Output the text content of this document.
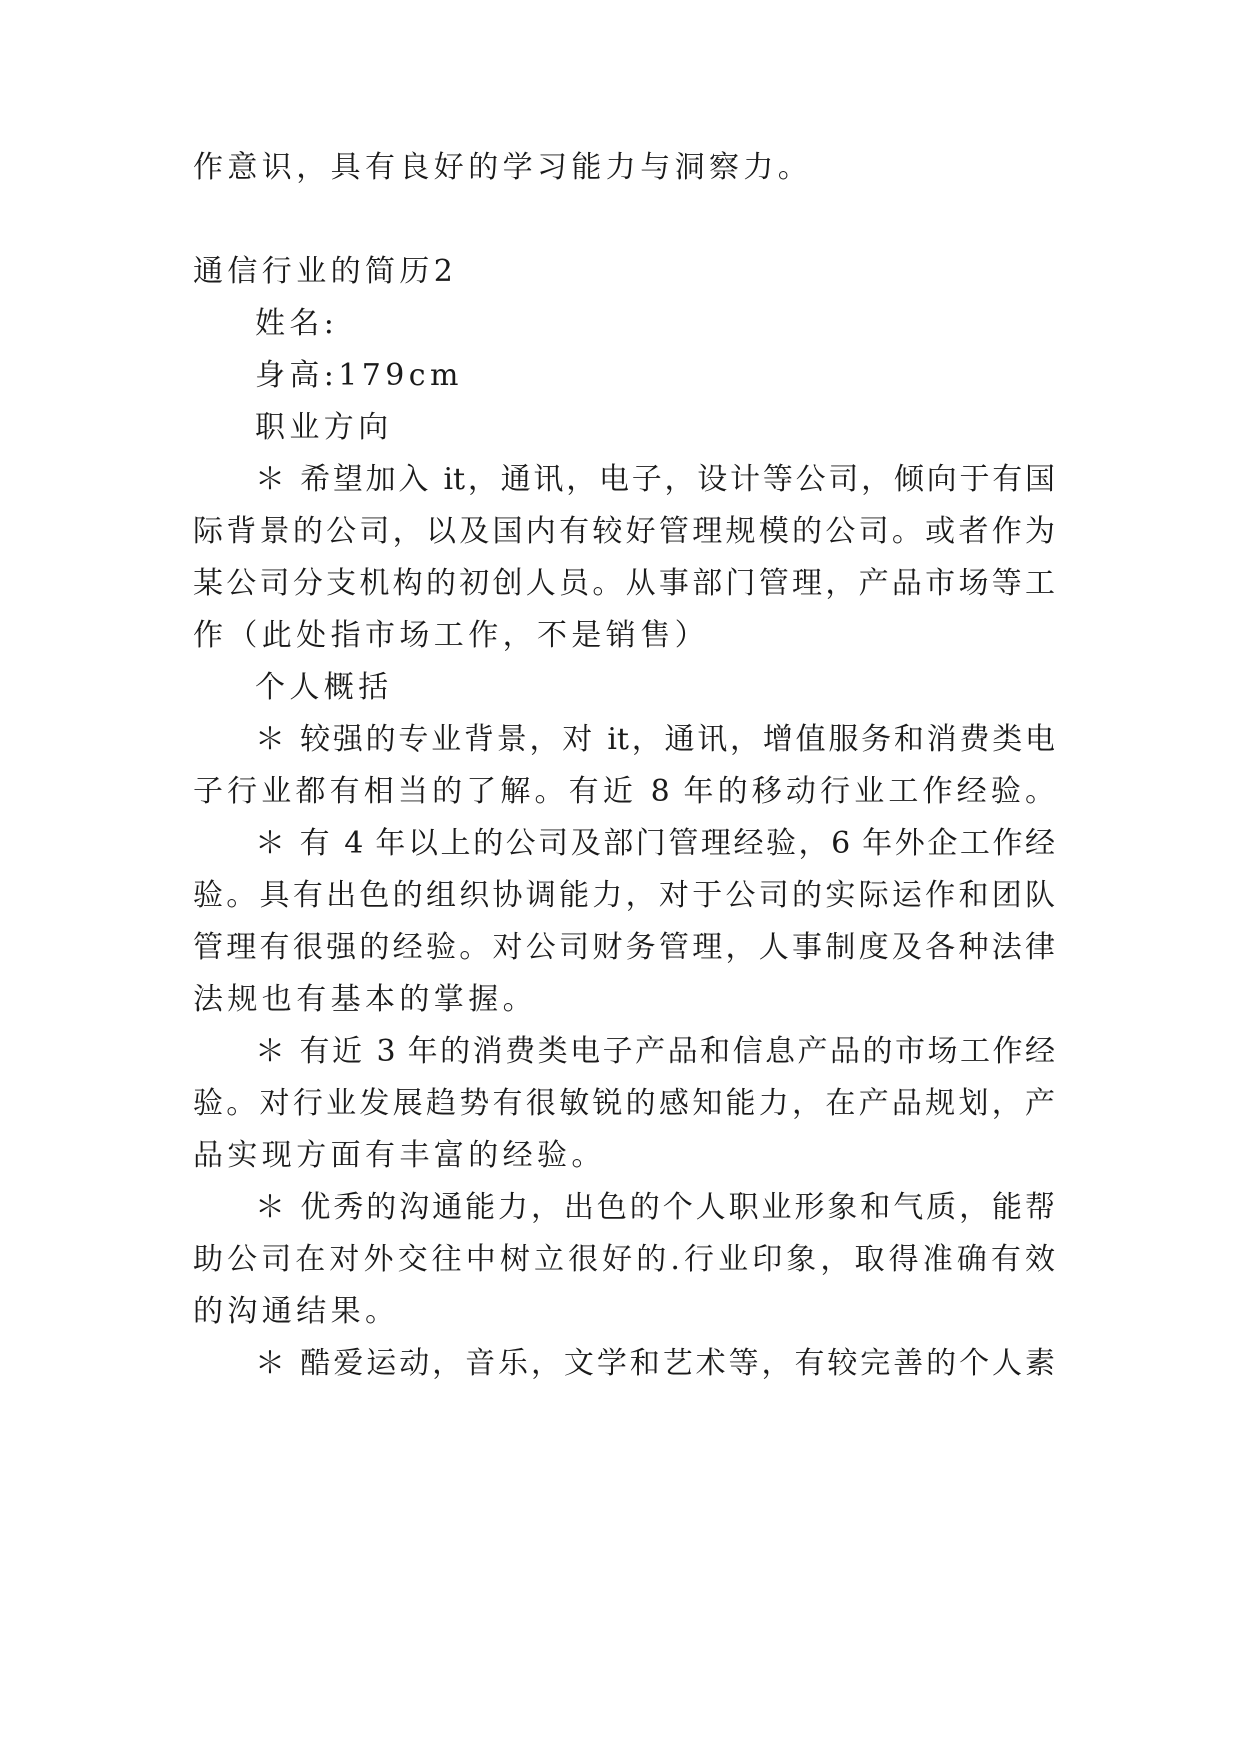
作意识，具有良好的学习能力与洞察力。
通信行业的简历2
姓名:
身高:179cm
职业方向
＊ 希望加入 it，通讯，电子，设计等公司，倾向于有国
际背景的公司，以及国内有较好管理规模的公司。或者作为
某公司分支机构的初创人员。从事部门管理，产品市场等工
作（此处指市场工作，不是销售）
个人概括
＊ 较强的专业背景，对 it，通讯，增值服务和消费类电
子行业都有相当的了解。有近 8 年的移动行业工作经验。
＊ 有 4 年以上的公司及部门管理经验，6 年外企工作经
验。具有出色的组织协调能力，对于公司的实际运作和团队
管理有很强的经验。对公司财务管理，人事制度及各种法律
法规也有基本的掌握。
＊ 有近 3 年的消费类电子产品和信息产品的市场工作经
验。对行业发展趋势有很敏锐的感知能力，在产品规划，产
品实现方面有丰富的经验。
＊ 优秀的沟通能力，出色的个人职业形象和气质，能帮
助公司在对外交往中树立很好的.行业印象，取得准确有效
的沟通结果。
＊ 酷爱运动，音乐，文学和艺术等，有较完善的个人素
